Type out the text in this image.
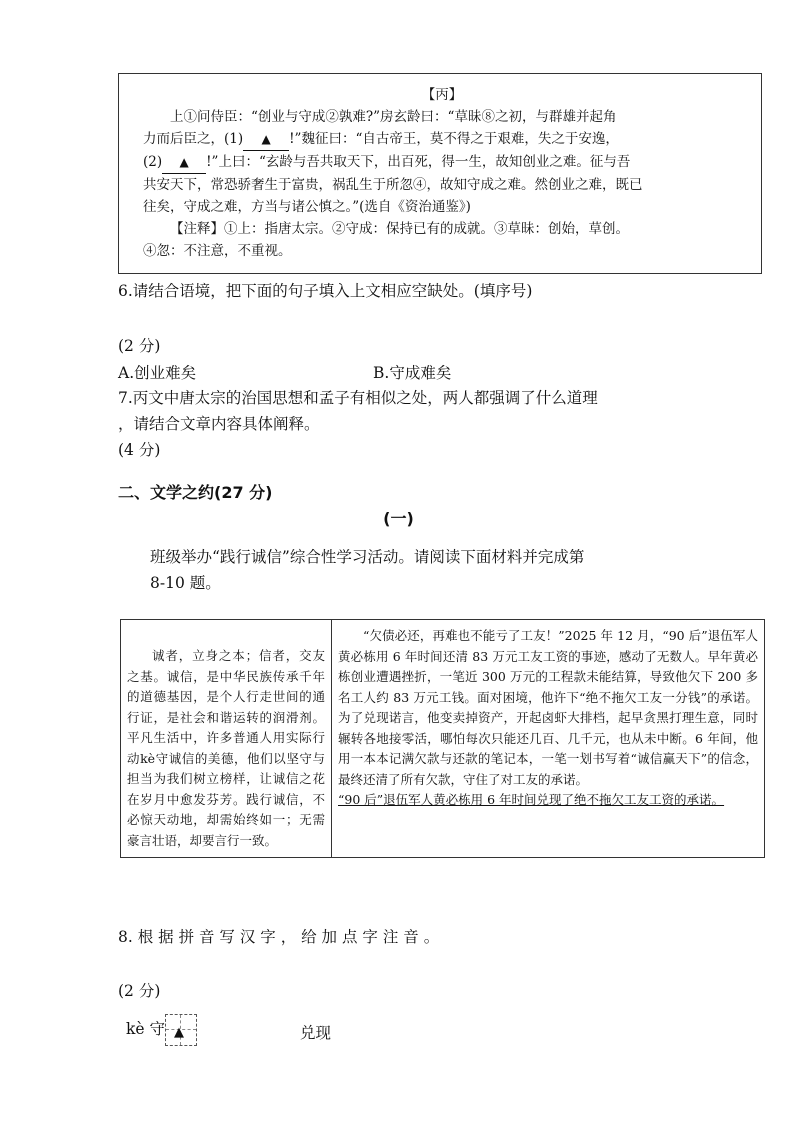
【丙】
上①问侍臣：“创业与守成②孰难?”房玄龄曰：“草昧⑧之初，与群雄并起角
力而后臣之，(1) ▲ !”魏征曰：“自古帝王，莫不得之于艰难，失之于安逸，
(2) ▲ !”上曰：“玄龄与吾共取天下，出百死，得一生，故知创业之难。征与吾
共安天下，常恐骄奢生于富贵，祸乱生于所忽④，故知守成之难。然创业之难，既已
往矣，守成之难，方当与诸公慎之。”(选自《资治通鉴》)
【注释】①上：指唐太宗。②守成：保持已有的成就。③草昧：创始，草创。
④忽：不注意，不重视。
6.请结合语境，把下面的句子填入上文相应空缺处。(填序号)
(2 分)
A.创业难矣	B.守成难矣
7.丙文中唐太宗的治国思想和孟子有相似之处，两人都强调了什么道理
，请结合文章内容具体阐释。
(4 分)
二、文学之约(27 分)
(一)
班级举办“践行诚信”综合性学习活动。请阅读下面材料并完成第
8-10 题。
诚者，立身之本；信者，交友之基。诚信，是中华民族传承千年的道德基因，是个人行走世间的通行证，是社会和谐运转的润滑剂。平凡生活中，许多普通人用实际行动kè守诚信的美德，他们以坚守与担当为我们树立榜样，让诚信之花在岁月中愈发芬芳。践行诚信，不必惊天动地，却需始终如一；无需豪言壮语，却要言行一致。

“欠债必还，再难也不能亏了工友！”2025 年 12 月，“90 后”退伍军人黄必栋用 6 年时间还清 83 万元工友工资的事迹，感动了无数人。早年黄必栋创业遭遇挫折，一笔近 300 万元的工程款未能结算，导致他欠下 200 多名工人约 83 万元工钱。面对困境，他许下“绝不拖欠工友一分钱”的承诺。为了兑现诺言，他变卖掉资产，开起卤虾大排档，起早贪黑打理生意，同时辗转各地接零活，哪怕每次只能还几百、几千元，也从未中断。6 年间，他用一本本记满欠款与还款的笔记本，一笔一划书写着“诚信赢天下”的信念，最终还清了所有欠款，守住了对工友的承诺。
“90 后”退伍军人黄必栋用 6 年时间兑现了绝不拖欠工友工资的承诺。
8. 根 据 拼 音 写 汉 字 ， 给 加 点 字 注 音 。
(2 分)
kè 守 ▲	兑现
